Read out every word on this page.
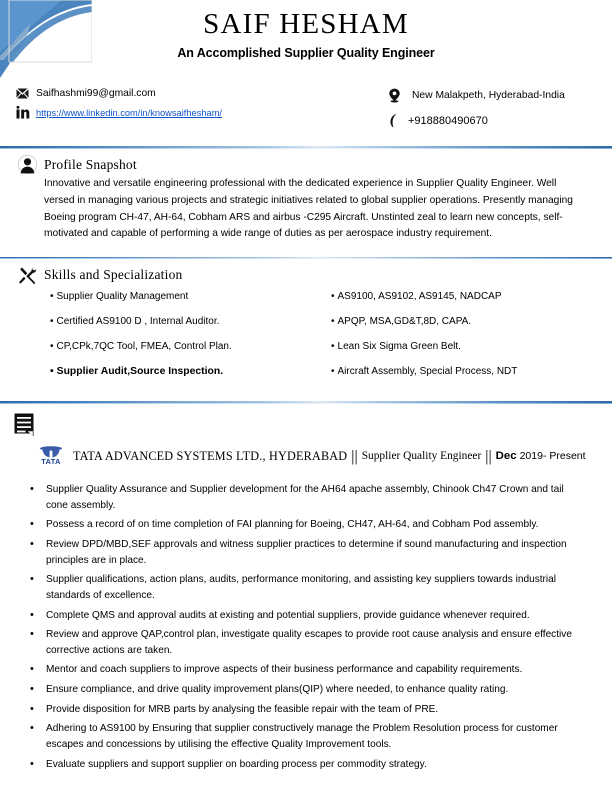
SAIF HESHAM
An Accomplished Supplier Quality Engineer
Saifhashmi99@gmail.com
https://www.linkedin.com/in/knowsaifhesham/
New Malakpeth, Hyderabad-India
+918880490670
Profile Snapshot
Innovative and versatile engineering professional with the dedicated experience in Supplier Quality Engineer. Well versed in managing various projects and strategic initiatives related to global supplier operations. Presently managing Boeing program CH-47, AH-64, Cobham ARS and airbus -C295 Aircraft. Unstinted zeal to learn new concepts, self-motivated and capable of performing a wide range of duties as per aerospace industry requirement.
Skills and Specialization
• Supplier Quality Management
• Certified AS9100 D , Internal Auditor.
• CP,CPk,7QC Tool, FMEA, Control Plan.
• Supplier Audit,Source Inspection.
• AS9100, AS9102, AS9145, NADCAP
• APQP, MSA,GD&T,8D, CAPA.
• Lean Six Sigma Green Belt.
• Aircraft Assembly, Special Process, NDT
TATA TATA ADVANCED SYSTEMS LTD., HYDERABAD || Supplier Quality Engineer || Dec 2019- Present
• Supplier Quality Assurance and Supplier development for the AH64 apache assembly, Chinook Ch47 Crown and tail cone assembly.
• Possess a record of on time completion of FAI planning for Boeing, CH47, AH-64, and Cobham Pod assembly.
• Review DPD/MBD,SEF approvals and witness supplier practices to determine if sound manufacturing and inspection principles are in place.
• Supplier qualifications, action plans, audits, performance monitoring, and assisting key suppliers towards industrial standards of excellence.
• Complete QMS and approval audits at existing and potential suppliers, provide guidance whenever required.
• Review and approve QAP,control plan, investigate quality escapes to provide root cause analysis and ensure effective corrective actions are taken.
• Mentor and coach suppliers to improve aspects of their business performance and capability requirements.
• Ensure compliance, and drive quality improvement plans(QIP) where needed, to enhance quality rating.
• Provide disposition for MRB parts by analysing the feasible repair with the team of PRE.
• Adhering to AS9100 by Ensuring that supplier constructively manage the Problem Resolution process for customer escapes and concessions by utilising the effective Quality Improvement tools.
• Evaluate suppliers and support supplier on boarding process per commodity strategy.
